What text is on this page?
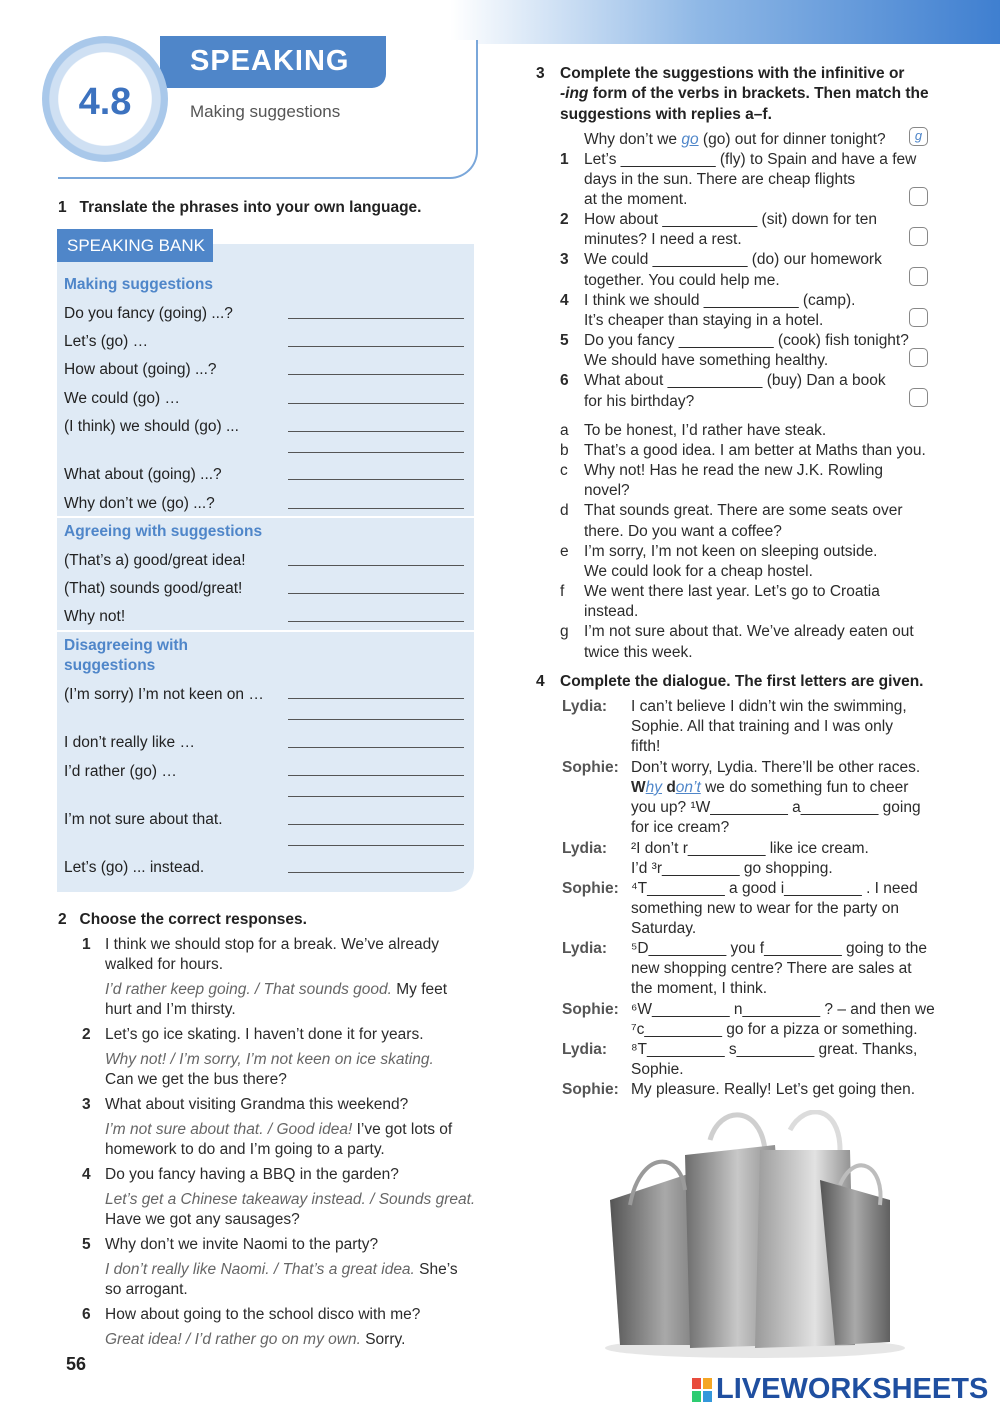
SPEAKING
4.8	Making suggestions
1 Translate the phrases into your own language.
SPEAKING BANK
Making suggestions
Do you fancy (going) ...?
Let’s (go) …
How about (going) ...?
We could (go) …
(I think) we should (go) ...
What about (going) ...?
Why don’t we (go) ...?
Agreeing with suggestions
(That’s a) good/great idea!
(That) sounds good/great!
Why not!
Disagreeing with
suggestions
(I’m sorry) I’m not keen on …
I don’t really like …
I’d rather (go) …
I’m not sure about that.
Let’s (go) ... instead.
2 Choose the correct responses.
1 I think we should stop for a break. We’ve already
walked for hours.
I’d rather keep going. / That sounds good. My feet
hurt and I’m thirsty.
2 Let’s go ice skating. I haven’t done it for years.
Why not! / I’m sorry, I’m not keen on ice skating.
Can we get the bus there?
3 What about visiting Grandma this weekend?
I’m not sure about that. / Good idea! I’ve got lots of
homework to do and I’m going to a party.
4 Do you fancy having a BBQ in the garden?
Let’s get a Chinese takeaway instead. / Sounds great.
Have we got any sausages?
5 Why don’t we invite Naomi to the party?
I don’t really like Naomi. / That’s a great idea. She’s
so arrogant.
6 How about going to the school disco with me?
Great idea! / I’d rather go on my own. Sorry.
56
3 Complete the suggestions with the infinitive or
-ing form of the verbs in brackets. Then match the
suggestions with replies a–f.
Why don’t we go (go) out for dinner tonight?	g
1 Let’s ___________ (fly) to Spain and have a few
days in the sun. There are cheap flights
at the moment.
2 How about ___________ (sit) down for ten
minutes? I need a rest.
3 We could ___________ (do) our homework
together. You could help me.
4 I think we should ___________ (camp).
It’s cheaper than staying in a hotel.
5 Do you fancy ___________ (cook) fish tonight?
We should have something healthy.
6 What about ___________ (buy) Dan a book
for his birthday?
a To be honest, I’d rather have steak.
b That’s a good idea. I am better at Maths than you.
c Why not! Has he read the new J.K. Rowling
novel?
d That sounds great. There are some seats over
there. Do you want a coffee?
e I’m sorry, I’m not keen on sleeping outside.
We could look for a cheap hostel.
f We went there last year. Let’s go to Croatia
instead.
g I’m not sure about that. We’ve already eaten out
twice this week.
4 Complete the dialogue. The first letters are given.
Lydia: I can’t believe I didn’t win the swimming,
Sophie. All that training and I was only
fifth!
Sophie: Don’t worry, Lydia. There’ll be other races.
Why don’t we do something fun to cheer
you up? ¹W_________ a_________ going
for ice cream?
Lydia: ²I don’t r_________ like ice cream.
I’d ³r_________ go shopping.
Sophie: ⁴T_________ a good i_________ . I need
something new to wear for the party on
Saturday.
Lydia: ⁵D_________ you f_________ going to the
new shopping centre? There are sales at
the moment, I think.
Sophie: ⁶W_________ n_________ ? – and then we
⁷c_________ go for a pizza or something.
Lydia: ⁸T_________ s_________ great. Thanks,
Sophie.
Sophie: My pleasure. Really! Let’s get going then.
LIVEWORKSHEETS
